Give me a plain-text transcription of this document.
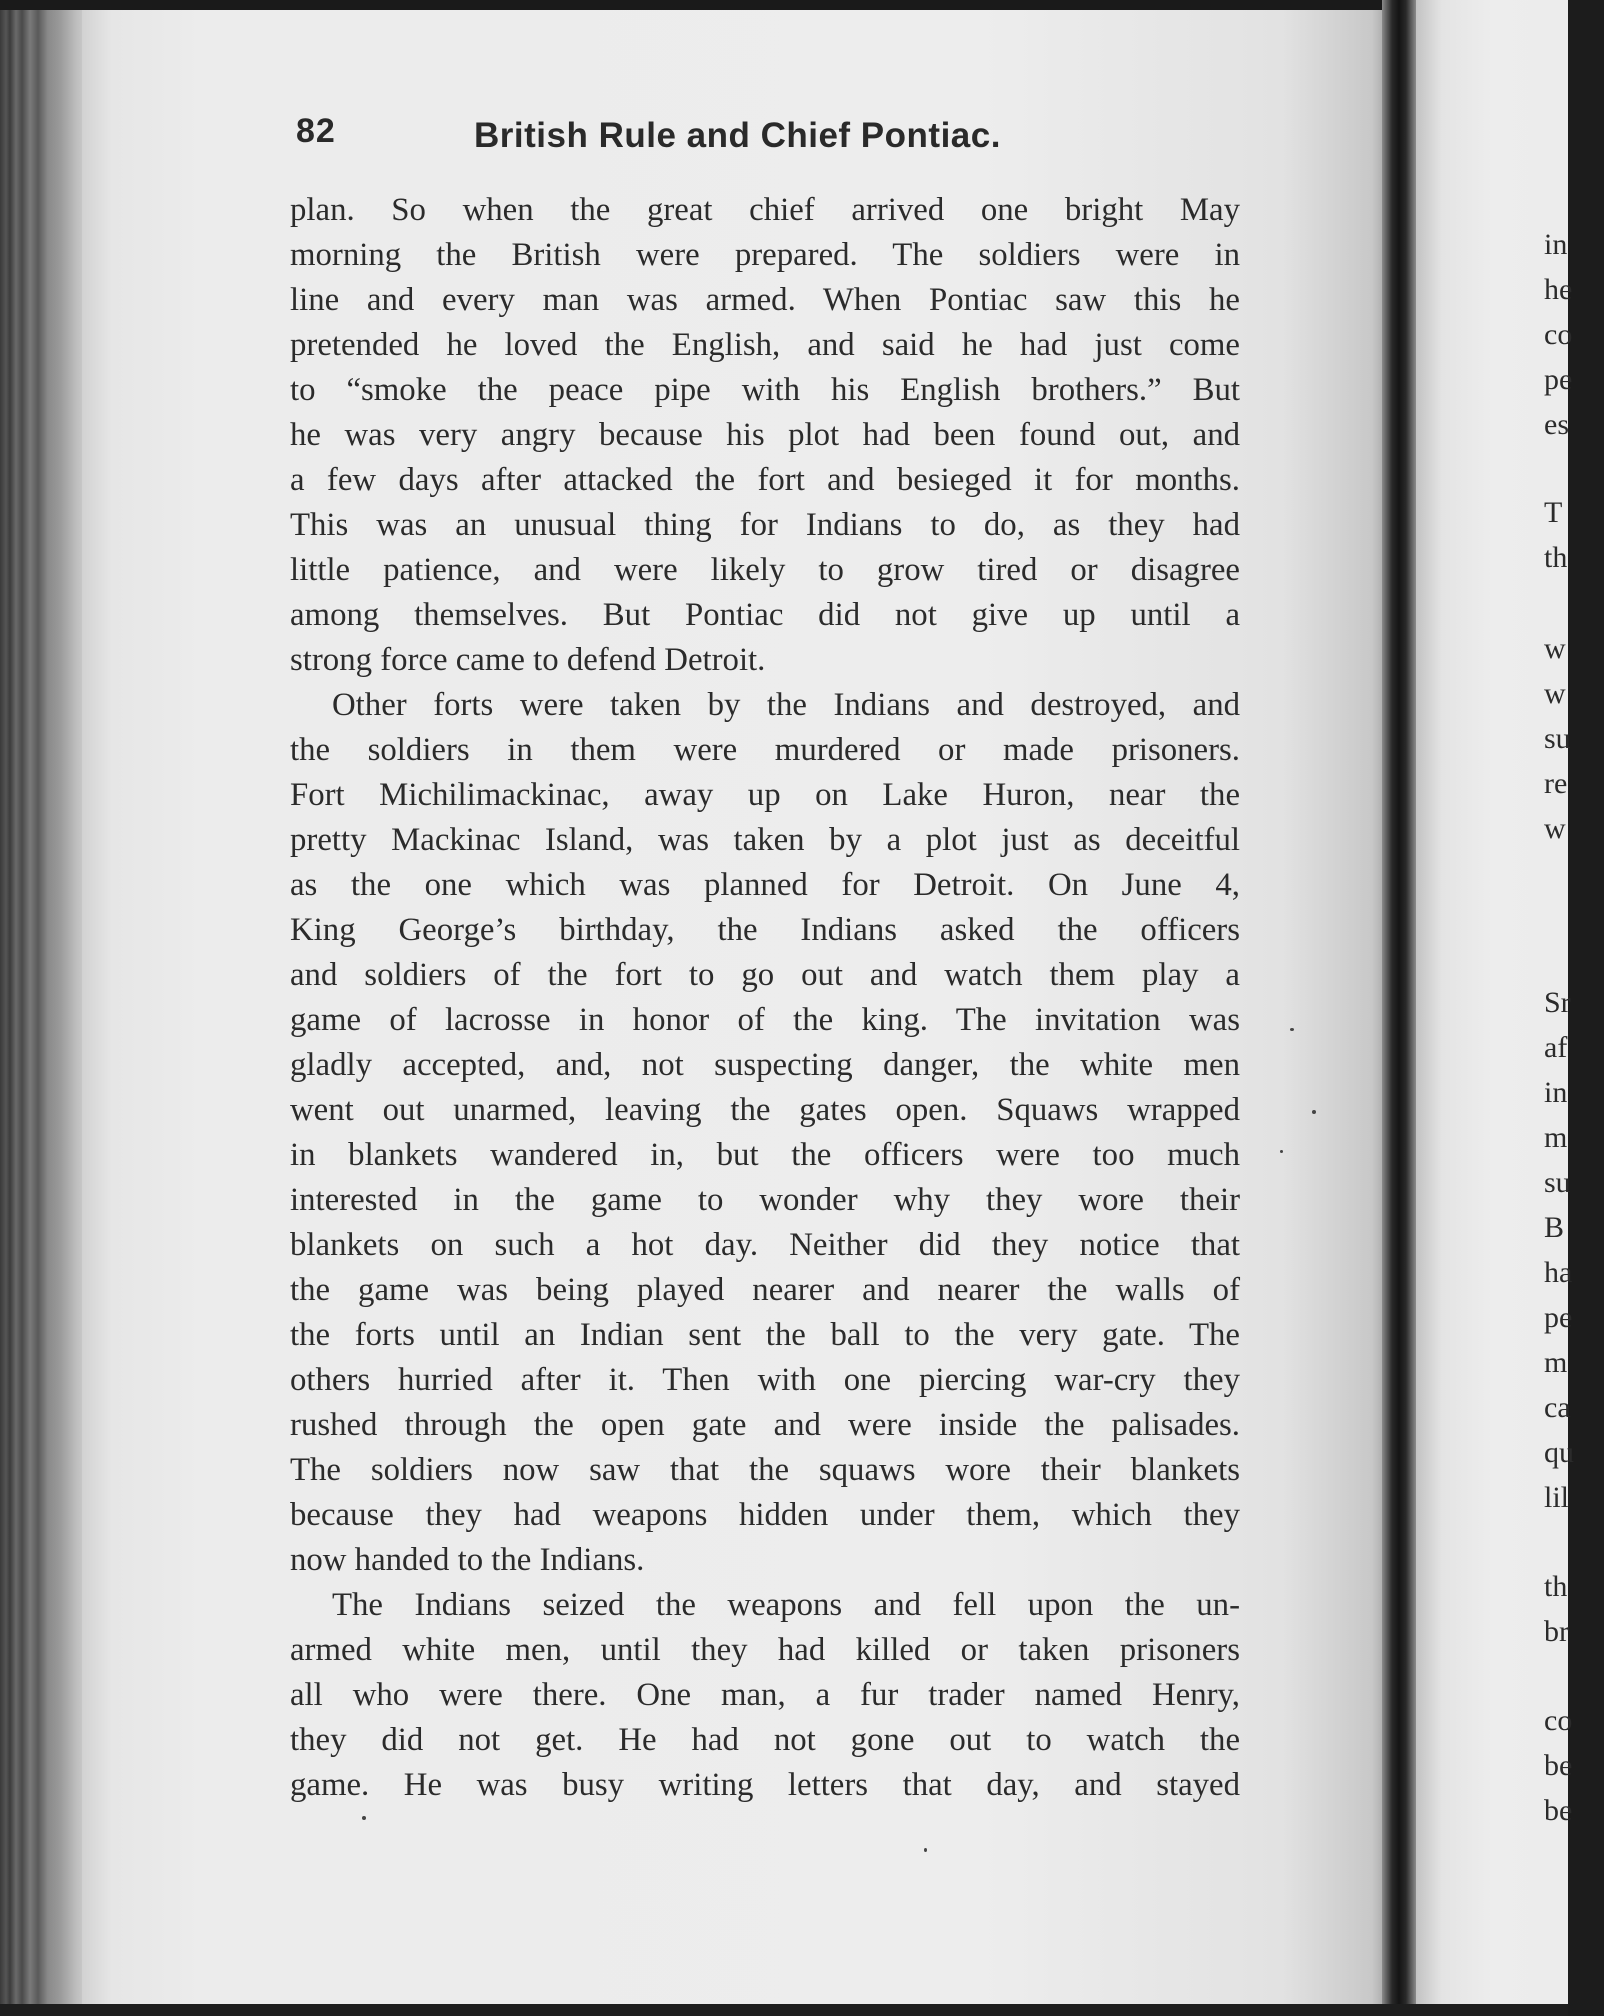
82	British Rule and Chief Pontiac.
plan. So when the great chief arrived one bright May
morning the British were prepared. The soldiers were in
line and every man was armed. When Pontiac saw this he
pretended he loved the English, and said he had just come
to “smoke the peace pipe with his English brothers.” But
he was very angry because his plot had been found out, and
a few days after attacked the fort and besieged it for months.
This was an unusual thing for Indians to do, as they had
little patience, and were likely to grow tired or disagree
among themselves. But Pontiac did not give up until a
strong force came to defend Detroit.
Other forts were taken by the Indians and destroyed, and
the soldiers in them were murdered or made prisoners.
Fort Michilimackinac, away up on Lake Huron, near the
pretty Mackinac Island, was taken by a plot just as deceitful
as the one which was planned for Detroit. On June 4,
King George’s birthday, the Indians asked the officers
and soldiers of the fort to go out and watch them play a
game of lacrosse in honor of the king. The invitation was
gladly accepted, and, not suspecting danger, the white men
went out unarmed, leaving the gates open. Squaws wrapped
in blankets wandered in, but the officers were too much
interested in the game to wonder why they wore their
blankets on such a hot day. Neither did they notice that
the game was being played nearer and nearer the walls of
the forts until an Indian sent the ball to the very gate. The
others hurried after it. Then with one piercing war-cry they
rushed through the open gate and were inside the palisades.
The soldiers now saw that the squaws wore their blankets
because they had weapons hidden under them, which they
now handed to the Indians.
The Indians seized the weapons and fell upon the un-
armed white men, until they had killed or taken prisoners
all who were there. One man, a fur trader named Henry,
they did not get. He had not gone out to watch the
game. He was busy writing letters that day, and stayed
in
he
co
pe
es
T
th
w
w
su
re
w
Sr
af
in
m
su
B
ha
pe
m
ca
qu
lil
th
br
co
be
be
